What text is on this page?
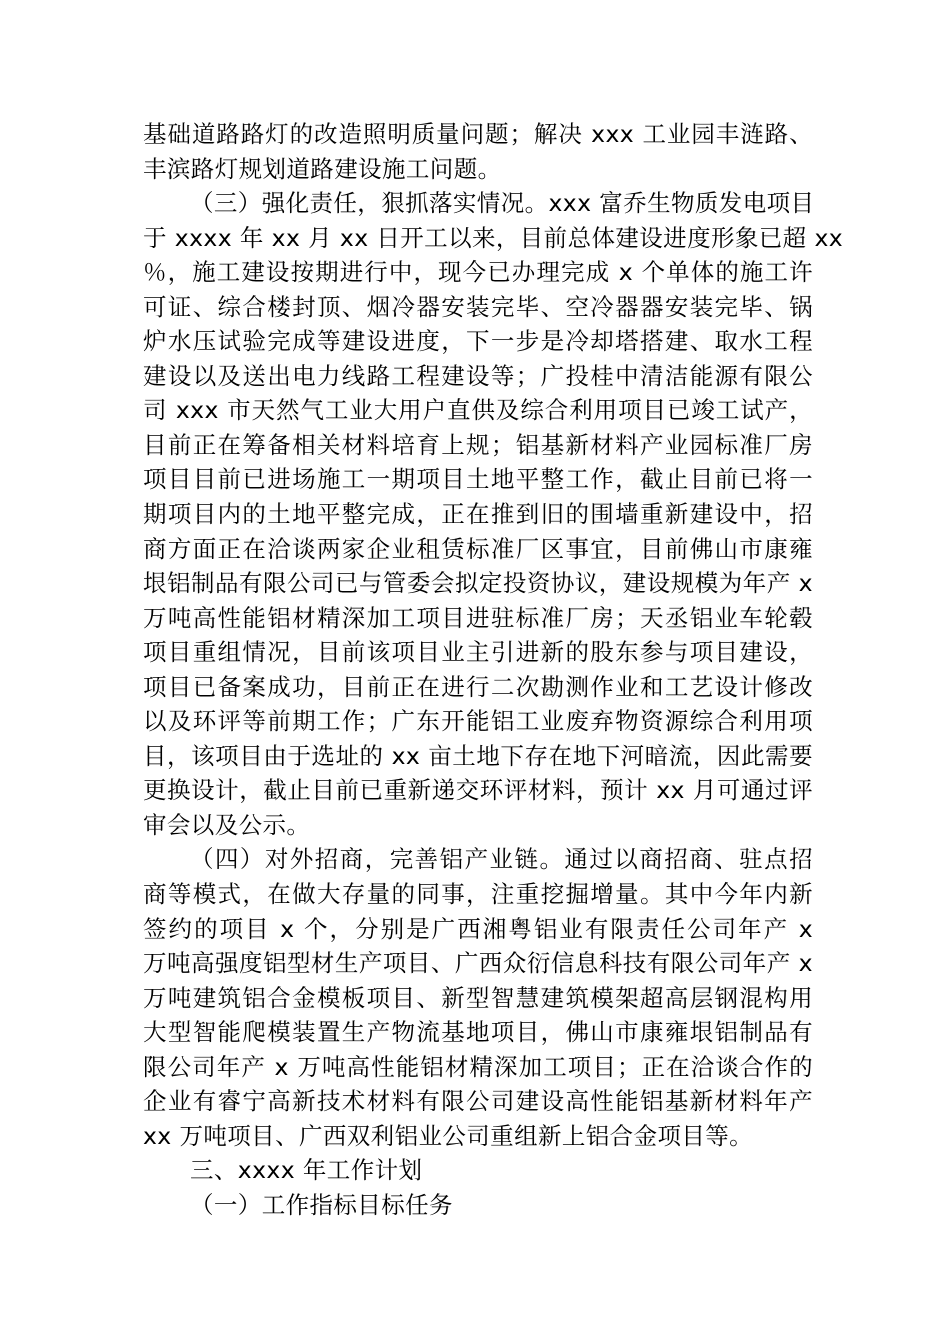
基础道路路灯的改造照明质量问题；解决 xxx 工业园丰涟路、
丰滨路灯规划道路建设施工问题。
（三）强化责任，狠抓落实情况。xxx 富乔生物质发电项目
于 xxxx 年 xx 月 xx 日开工以来，目前总体建设进度形象已超 xx
％，施工建设按期进行中，现今已办理完成 x 个单体的施工许
可证、综合楼封顶、烟冷器安装完毕、空冷器器安装完毕、锅
炉水压试验完成等建设进度，下一步是冷却塔搭建、取水工程
建设以及送出电力线路工程建设等；广投桂中清洁能源有限公
司 xxx 市天然气工业大用户直供及综合利用项目已竣工试产，
目前正在筹备相关材料培育上规；铝基新材料产业园标准厂房
项目目前已进场施工一期项目土地平整工作，截止目前已将一
期项目内的土地平整完成，正在推到旧的围墙重新建设中，招
商方面正在洽谈两家企业租赁标准厂区事宜，目前佛山市康雍
垠铝制品有限公司已与管委会拟定投资协议，建设规模为年产 x
万吨高性能铝材精深加工项目进驻标准厂房；天丞铝业车轮毂
项目重组情况，目前该项目业主引进新的股东参与项目建设，
项目已备案成功，目前正在进行二次勘测作业和工艺设计修改
以及环评等前期工作；广东开能铝工业废弃物资源综合利用项
目，该项目由于选址的 xx 亩土地下存在地下河暗流，因此需要
更换设计，截止目前已重新递交环评材料，预计 xx 月可通过评
审会以及公示。
（四）对外招商，完善铝产业链。通过以商招商、驻点招
商等模式，在做大存量的同事，注重挖掘增量。其中今年内新
签约的项目 x 个，分别是广西湘粤铝业有限责任公司年产 x
万吨高强度铝型材生产项目、广西众衍信息科技有限公司年产 x
万吨建筑铝合金模板项目、新型智慧建筑模架超高层钢混构用
大型智能爬模装置生产物流基地项目，佛山市康雍垠铝制品有
限公司年产 x 万吨高性能铝材精深加工项目；正在洽谈合作的
企业有睿宁高新技术材料有限公司建设高性能铝基新材料年产
xx 万吨项目、广西双利铝业公司重组新上铝合金项目等。
三、xxxx 年工作计划
（一）工作指标目标任务
